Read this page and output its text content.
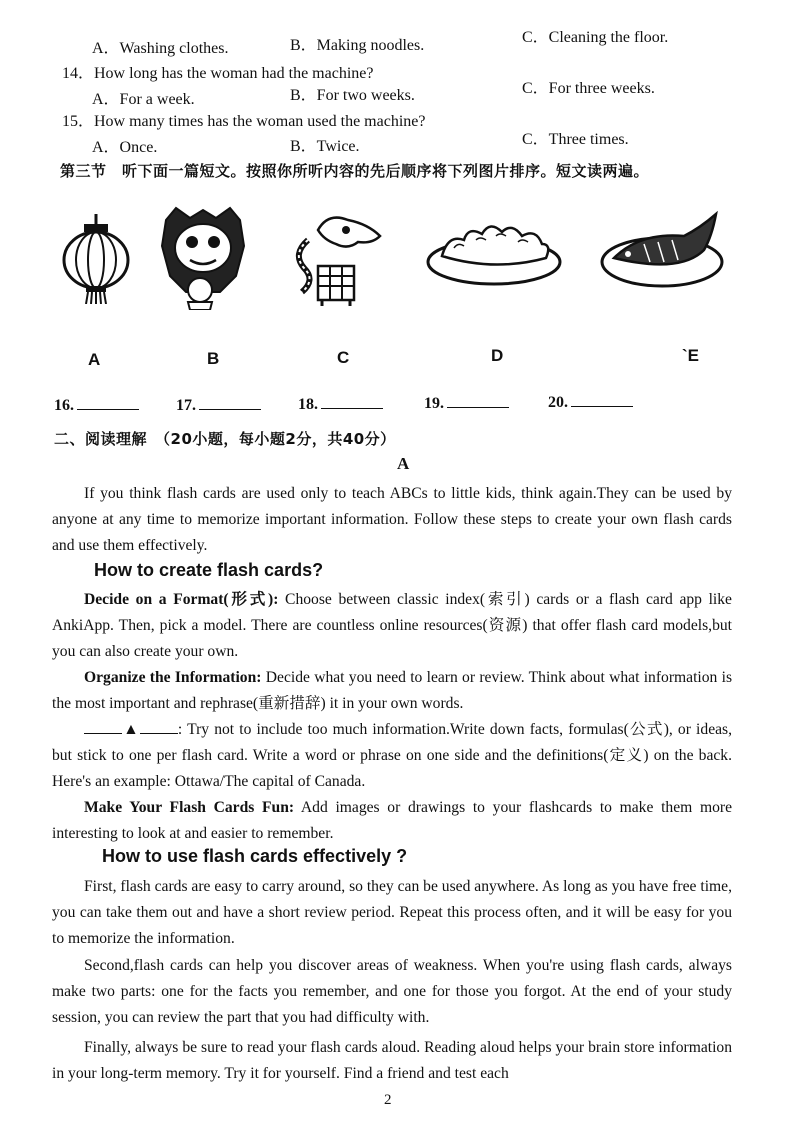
A．Washing clothes.	B．Making noodles.	C．Cleaning the floor.
14．How long has the woman had the machine?
A．For a week.	B．For two weeks.	C．For three weeks.
15．How many times has the woman used the machine?
A．Once.	B．Twice.	C．Three times.
第三节　听下面一篇短文。按照你所听内容的先后顺序将下列图片排序。短文读两遍。
A	B	C	D	`E
16.	17.	18.	19.	20.
二、阅读理解　（20小题，每小题2分，共40分）
A
If you think flash cards are used only to teach ABCs to little kids, think again.They can be used by anyone at any time to memorize important information. Follow these steps to create your own flash cards and use them effectively.
How to create flash cards?
Decide on a Format(形式): Choose between classic index(索引) cards or a flash card app like AnkiApp. Then, pick a model. There are countless online resources(资源) that offer flash card models,but you can also create your own.
Organize the Information: Decide what you need to learn or review. Think about what information is the most important and rephrase(重新措辞) it in your own words.
▲ : Try not to include too much information.Write down facts, formulas(公式), or ideas, but stick to one per flash card. Write a word or phrase on one side and the definitions(定义) on the back. Here's an example: Ottawa/The capital of Canada.
Make Your Flash Cards Fun: Add images or drawings to your flashcards to make them more interesting to look at and easier to remember.
How to use flash cards effectively ?
First, flash cards are easy to carry around, so they can be used anywhere. As long as you have free time, you can take them out and have a short review period. Repeat this process often, and it will be easy for you to memorize the information.
Second,flash cards can help you discover areas of weakness. When you're using flash cards, always make two parts: one for the facts you remember, and one for those you forgot. At the end of your study session, you can review the part that you had difficulty with.
Finally, always be sure to read your flash cards aloud. Reading aloud helps your brain store information in your long-term memory. Try it for yourself. Find a friend and test each
2
